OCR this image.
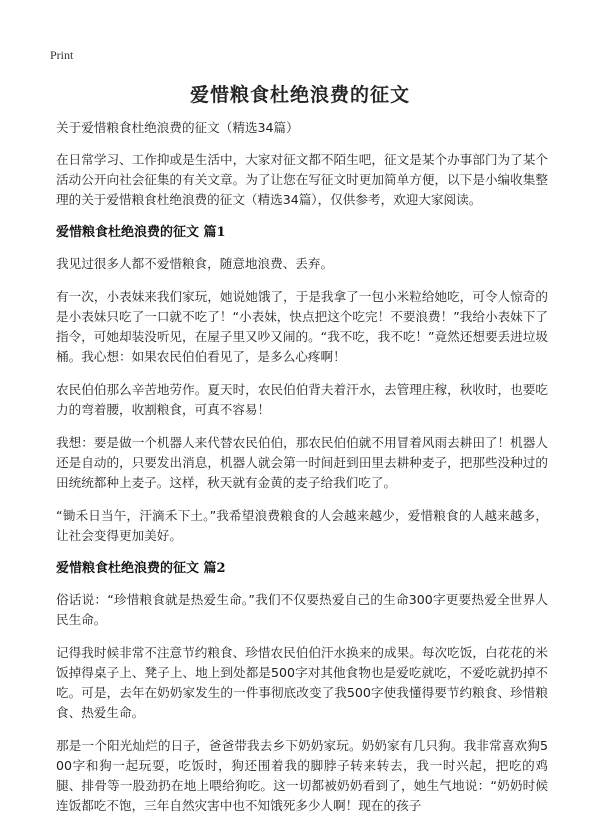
Print
爱惜粮食杜绝浪费的征文
关于爱惜粮食杜绝浪费的征文（精选34篇）

在日常学习、工作抑或是生活中，大家对征文都不陌生吧，征文是某个办事部门为了某个活动公开向社会征集的有关文章。为了让您在写征文时更加简单方便，以下是小编收集整理的关于爱惜粮食杜绝浪费的征文（精选34篇），仅供参考，欢迎大家阅读。

爱惜粮食杜绝浪费的征文 篇1

我见过很多人都不爱惜粮食，随意地浪费、丢弃。

有一次，小表妹来我们家玩，她说她饿了，于是我拿了一包小米粒给她吃，可令人惊奇的是小表妹只吃了一口就不吃了！“小表妹，快点把这个吃完！不要浪费！”我给小表妹下了指令，可她却装没听见，在屋子里又吵又闹的。“我不吃，我不吃！”竟然还想要丢进垃圾桶。我心想：如果农民伯伯看见了，是多么心疼啊！

农民伯伯那么辛苦地劳作。夏天时，农民伯伯背夫着汗水，去管理庄稼，秋收时，也要吃力的弯着腰，收割粮食，可真不容易！

我想：要是做一个机器人来代替农民伯伯，那农民伯伯就不用冒着风雨去耕田了！机器人还是自动的，只要发出消息，机器人就会第一时间赶到田里去耕种麦子，把那些没种过的田统统都种上麦子。这样，秋天就有金黄的麦子给我们吃了。

“锄禾日当午，汗滴禾下土。”我希望浪费粮食的人会越来越少，爱惜粮食的人越来越多，让社会变得更加美好。

爱惜粮食杜绝浪费的征文 篇2

俗话说：“珍惜粮食就是热爱生命。”我们不仅要热爱自己的生命300字更要热爱全世界人民生命。

记得我时候非常不注意节约粮食、珍惜农民伯伯汗水换来的成果。每次吃饭，白花花的米饭掉得桌子上、凳子上、地上到处都是500字对其他食物也是爱吃就吃，不爱吃就扔掉不吃。可是，去年在奶奶家发生的一件事彻底改变了我500字使我懂得要节约粮食、珍惜粮食、热爱生命。

那是一个阳光灿烂的日子，爸爸带我去乡下奶奶家玩。奶奶家有几只狗。我非常喜欢狗500字和狗一起玩耍，吃饭时，狗还围着我的脚脖子转来转去，我一时兴起，把吃的鸡腿、排骨等一股劲扔在地上喂给狗吃。这一切都被奶奶看到了，她生气地说：“奶奶时候连饭都吃不饱，三年自然灾害中也不知饿死多少人啊！现在的孩子
